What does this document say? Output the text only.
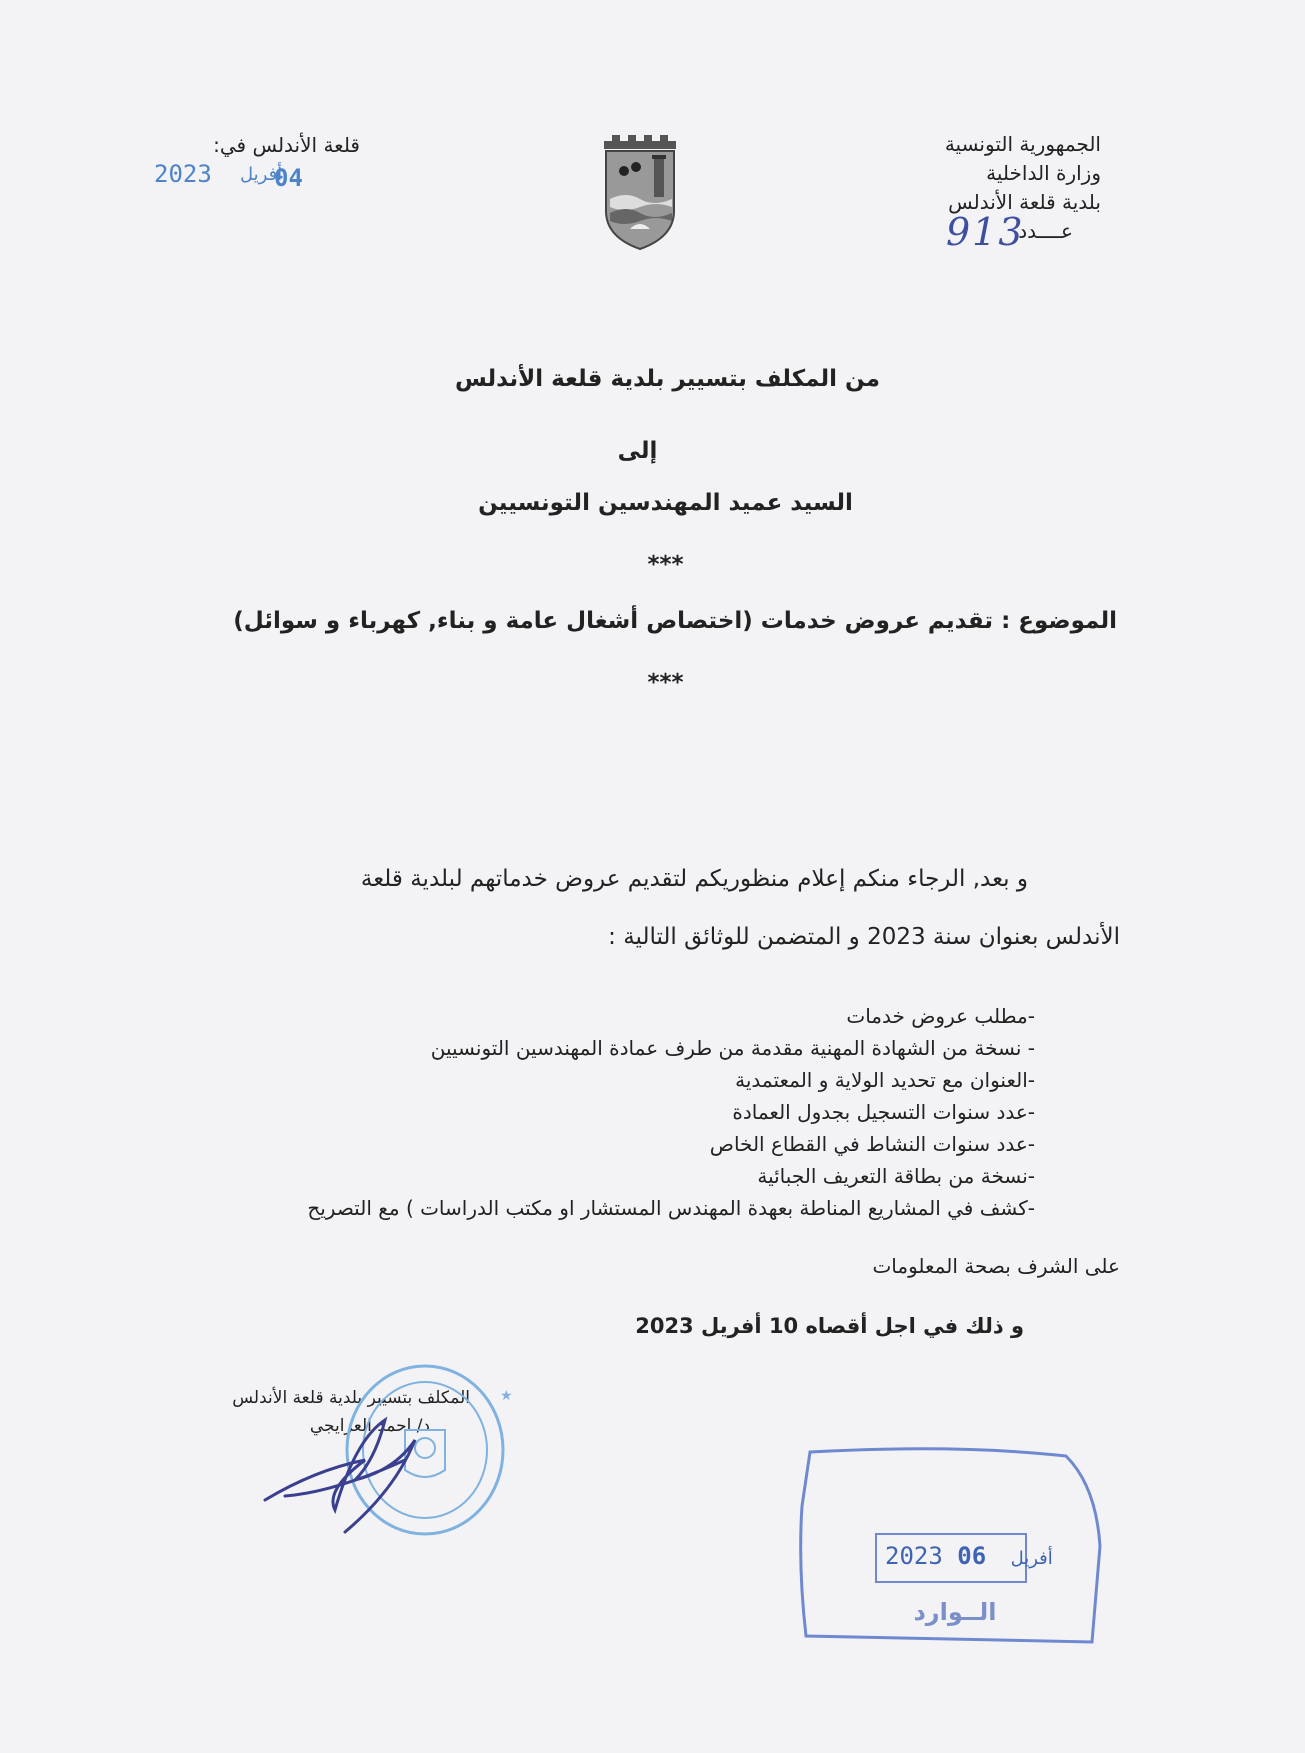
الجمهورية التونسية
وزارة الداخلية
بلدية قلعة الأندلس
عــــدد
913
قلعة الأندلس في:
2023 أفريل
04
من المكلف بتسيير بلدية قلعة الأندلس
إلى
السيد عميد المهندسين التونسيين
***
الموضوع : تقديم عروض خدمات (اختصاص أشغال عامة و بناء, كهرباء و سوائل)
***
و بعد, الرجاء منكم إعلام منظوريكم لتقديم عروض خدماتهم لبلدية قلعة
الأندلس بعنوان سنة 2023 و المتضمن للوثائق التالية :
-مطلب عروض خدمات
- نسخة من الشهادة المهنية مقدمة من طرف عمادة المهندسين التونسيين
-العنوان مع تحديد الولاية و المعتمدية
-عدد سنوات التسجيل بجدول العمادة
-عدد سنوات النشاط في القطاع الخاص
-نسخة من بطاقة التعريف الجبائية
-كشف في المشاريع المناطة بعهدة المهندس المستشار او مكتب الدراسات ) مع التصريح
على الشرف بصحة المعلومات
و ذلك في اجل أقصاه 10 أفريل 2023
المكلف بتسيير بلدية قلعة الأندلس
د/ احمد العرايجي
★
2023	أفريل 06
الــوارد
